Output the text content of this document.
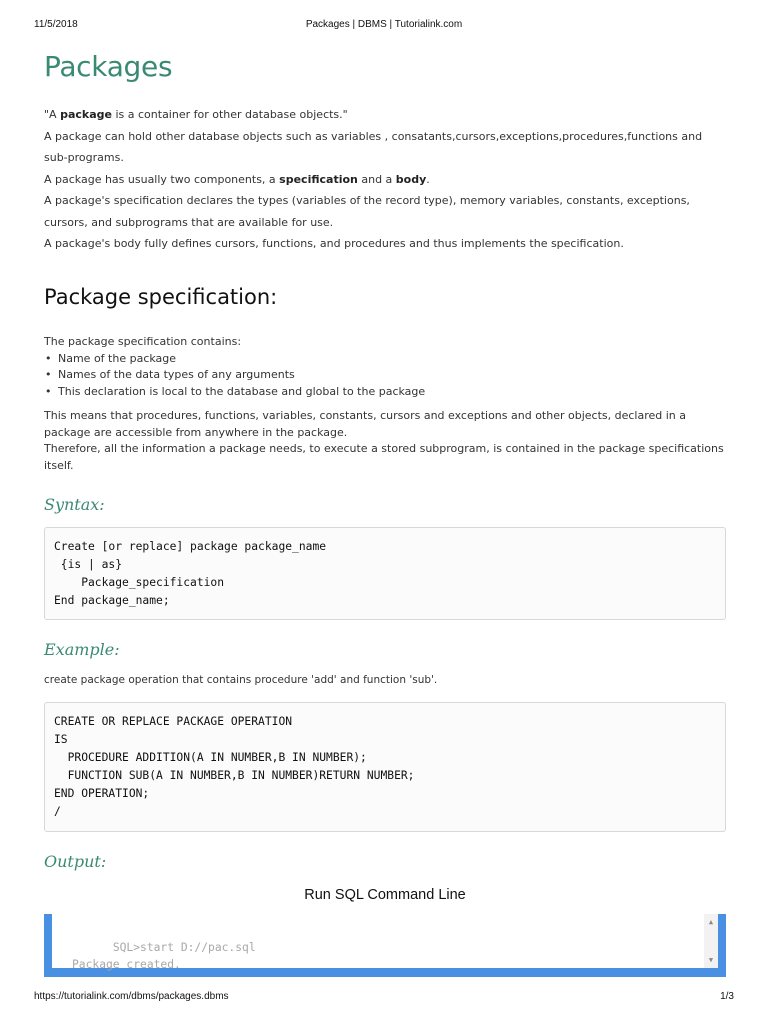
11/5/2018	Packages | DBMS | Tutorialink.com
Packages

"A package is a container for other database objects."

A package can hold other database objects such as variables , consatants,cursors,exceptions,procedures,functions and sub-programs.

A package has usually two components, a specification and a body.

A package's specification declares the types (variables of the record type), memory variables, constants, exceptions, cursors, and subprograms that are available for use.

A package's body fully defines cursors, functions, and procedures and thus implements the specification.

Package specification:

The package specification contains:

• Name of the package
• Names of the data types of any arguments
• This declaration is local to the database and global to the package

This means that procedures, functions, variables, constants, cursors and exceptions and other objects, declared in a package are accessible from anywhere in the package.

Therefore, all the information a package needs, to execute a stored subprogram, is contained in the package specifications itself.

Syntax:
Create [or replace] package package_name
{is | as}
Package_specification
End package_name;
Example:
create package operation that contains procedure 'add' and function 'sub'.
CREATE OR REPLACE PACKAGE OPERATION
IS
PROCEDURE ADDITION(A IN NUMBER,B IN NUMBER);
FUNCTION SUB(A IN NUMBER,B IN NUMBER)RETURN NUMBER;
END OPERATION;
/
Output:
Run SQL Command Line

SQL>start D://pac.sql
Package created.

▲

▼

https://tutorialink.com/dbms/packages.dbms	1/3
